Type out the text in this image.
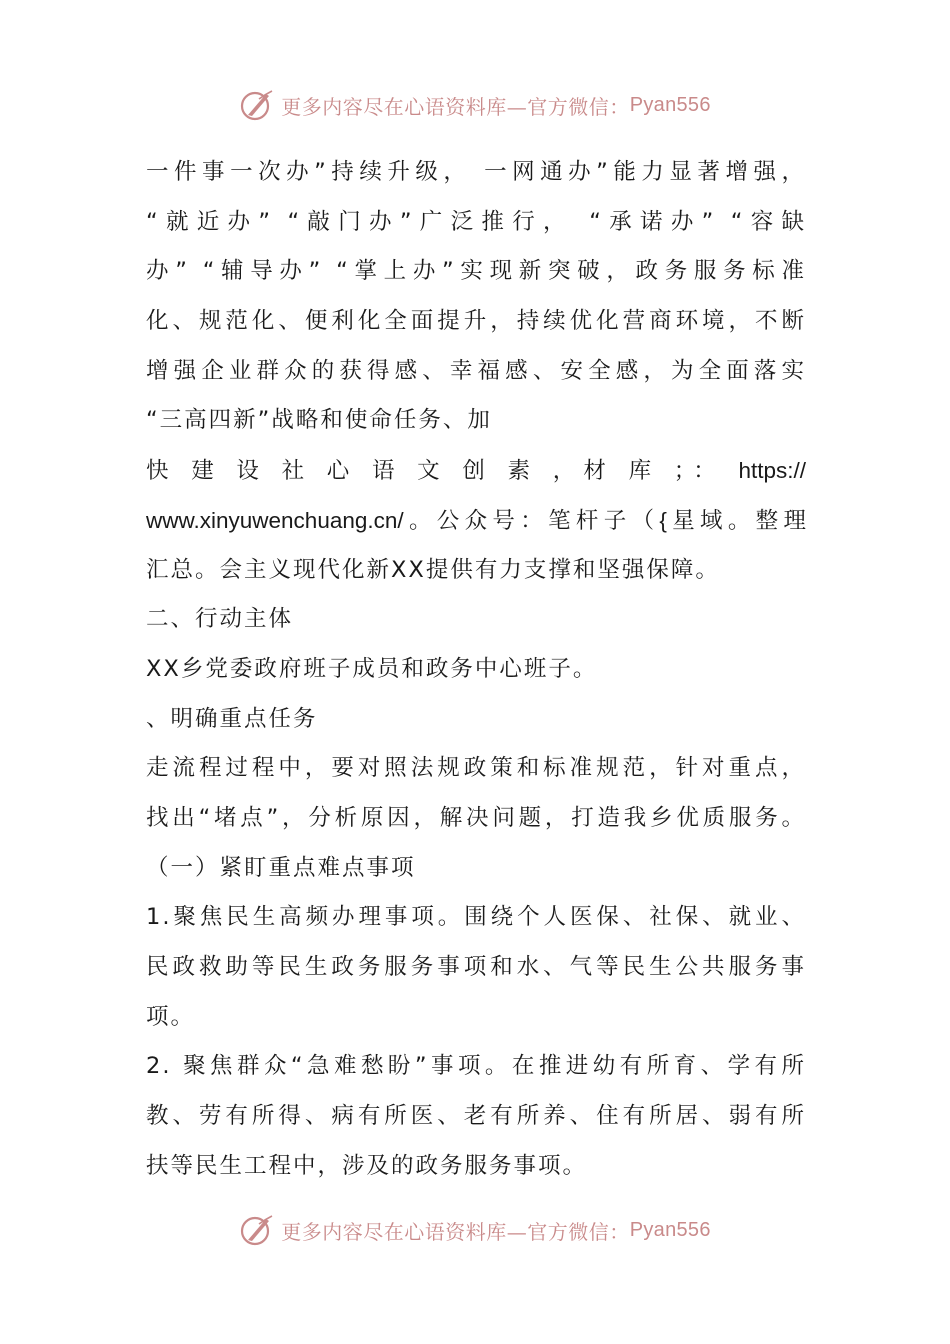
更多内容尽在心语资料库—官方微信： Pyan556
一件事一次办”持续升级， 一网通办”能力显著增强，
“就近办” “敲门办”广泛推行， “承诺办” “容缺
办” “辅导办” “掌上办”实现新突破，政务服务标准
化、规范化、便利化全面提升，持续优化营商环境，不断
增强企业群众的获得感、幸福感、安全感，为全面落实
“三高四新”战略和使命任务、加
快 建 设 社 心 语 文 创 素 ，材 库 ；： https://
www.xinyuwenchuang.cn/。公众号：笔杆子（{星域。整理
汇总。会主义现代化新XX提供有力支撑和坚强保障。
二、行动主体
XX乡党委政府班子成员和政务中心班子。
、明确重点任务
走流程过程中，要对照法规政策和标准规范，针对重点，
找出“堵点”，分析原因，解决问题，打造我乡优质服务。
（一）紧盯重点难点事项
1.聚焦民生高频办理事项。围绕个人医保、社保、就业、
民政救助等民生政务服务事项和水、气等民生公共服务事
项。
2. 聚焦群众“急难愁盼”事项。在推进幼有所育、学有所
教、劳有所得、病有所医、老有所养、住有所居、弱有所
扶等民生工程中，涉及的政务服务事项。
更多内容尽在心语资料库—官方微信： Pyan556
